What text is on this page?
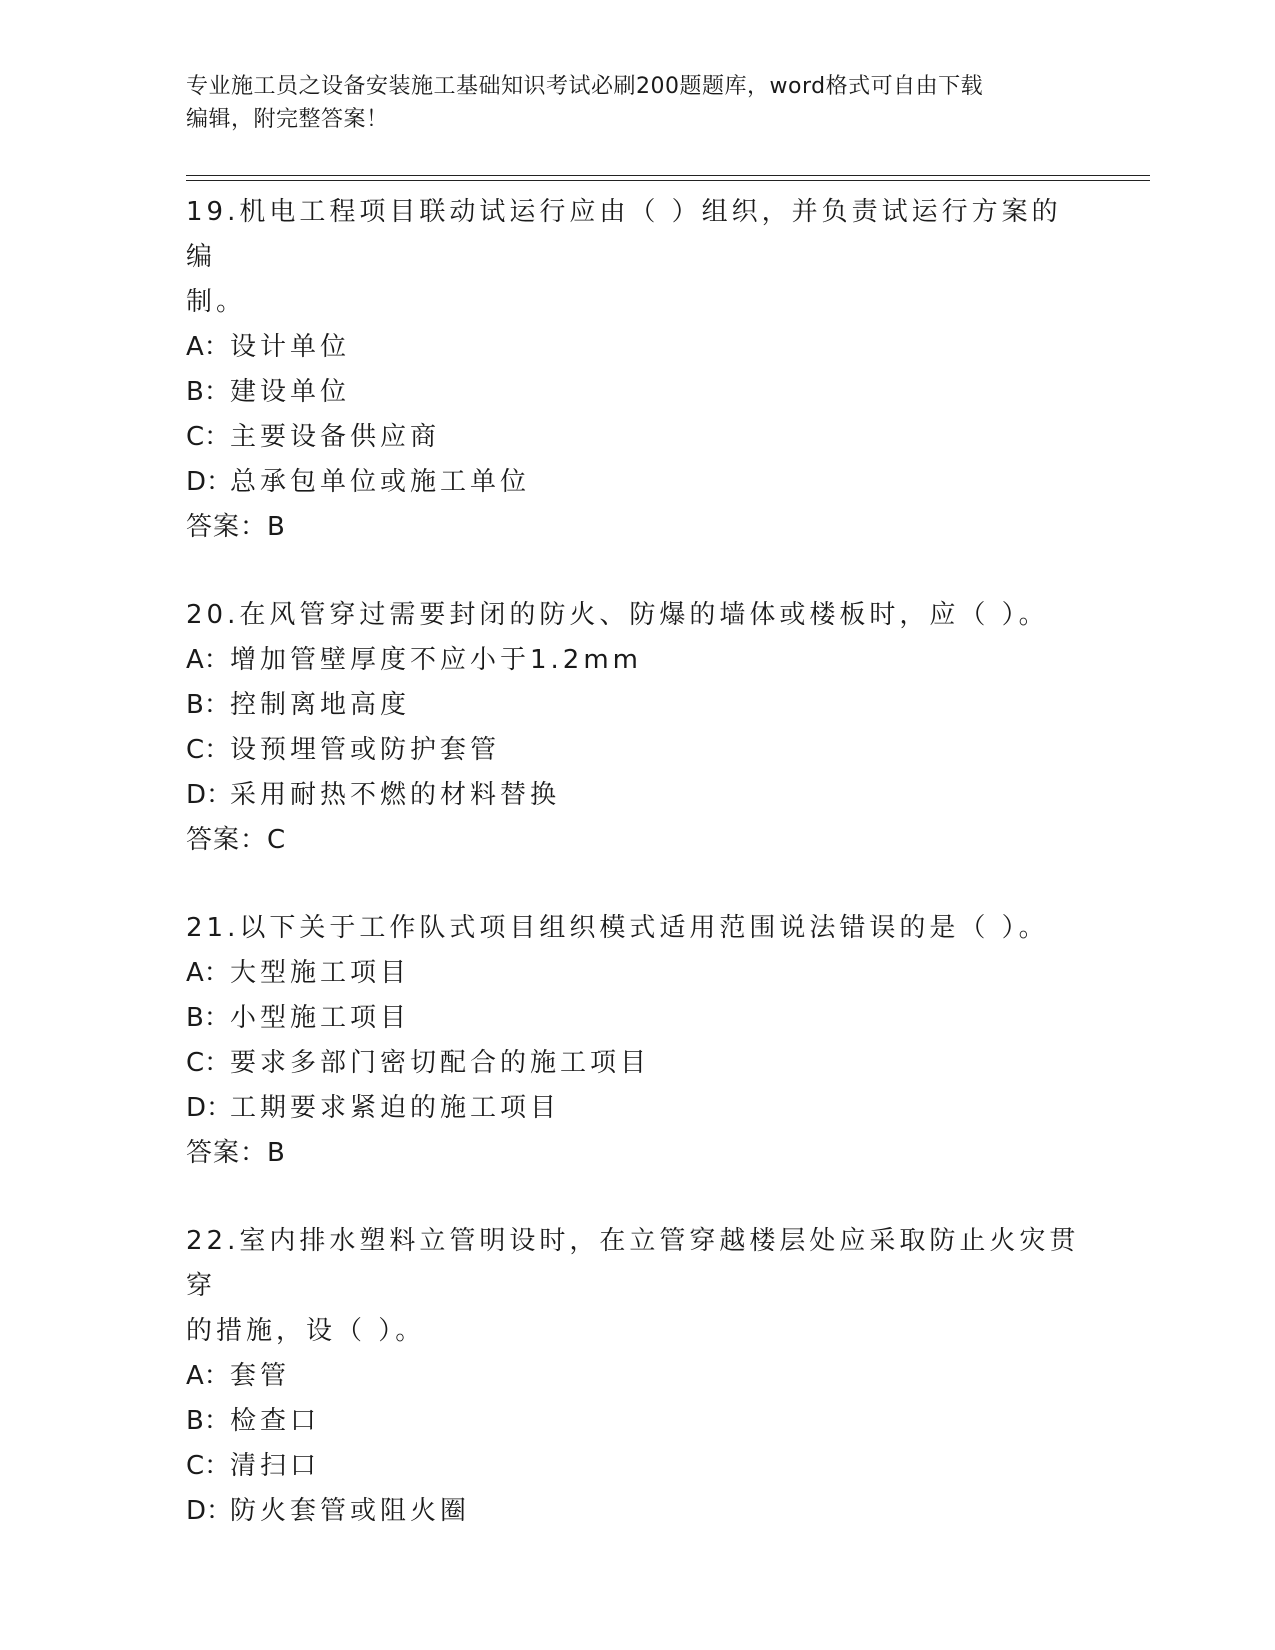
专业施工员之设备安装施工基础知识考试必刷200题题库，word格式可自由下载
编辑，附完整答案！

19.机电工程项目联动试运行应由（ ）组织，并负责试运行方案的编

制。

A：设计单位

B：建设单位

C：主要设备供应商

D：总承包单位或施工单位

答案：B

20.在风管穿过需要封闭的防火、防爆的墙体或楼板时，应（ ）。

A：增加管壁厚度不应小于1.2mm

B：控制离地高度

C：设预埋管或防护套管

D：采用耐热不燃的材料替换

答案：C

21.以下关于工作队式项目组织模式适用范围说法错误的是（ ）。

A：大型施工项目

B：小型施工项目

C：要求多部门密切配合的施工项目

D：工期要求紧迫的施工项目

答案：B

22.室内排水塑料立管明设时，在立管穿越楼层处应采取防止火灾贯穿

的措施，设（ ）。

A：套管

B：检查口

C：清扫口

D：防火套管或阻火圈
